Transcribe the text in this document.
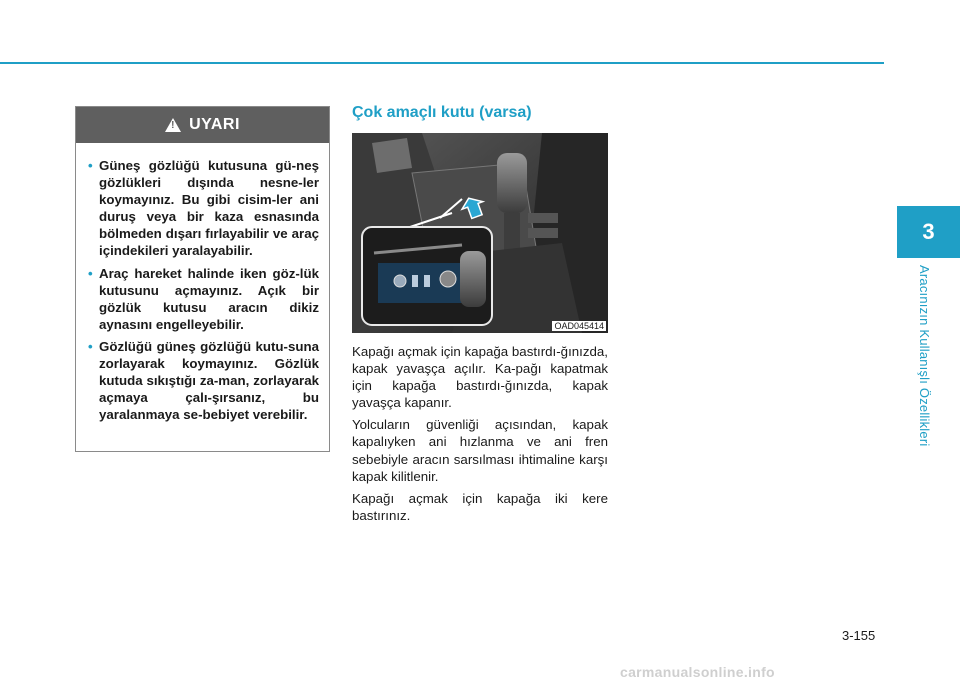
3
Aracınızın Kullanışlı Özellikleri
!
UYARI
• Güneş gözlüğü kutusuna gü-neş gözlükleri dışında nesne-ler koymayınız. Bu gibi cisim-ler ani duruş veya bir kaza esnasında bölmeden dışarı fırlayabilir ve araç içindekileri yaralayabilir.
• Araç hareket halinde iken göz-lük kutusunu açmayınız. Açık bir gözlük kutusu aracın dikiz aynasını engelleyebilir.
• Gözlüğü güneş gözlüğü kutu-suna zorlayarak koymayınız. Gözlük kutuda sıkıştığı za-man, zorlayarak açmaya çalı-şırsanız, bu yaralanmaya se-bebiyet verebilir.
Çok amaçlı kutu (varsa)
OAD045414

Kapağı açmak için kapağa bastırdı-ğınızda, kapak yavaşça açılır. Ka-pağı kapatmak için kapağa bastırdı-ğınızda, kapak yavaşça kapanır.

Yolcuların güvenliği açısından, kapak kapalıyken ani hızlanma ve ani fren sebebiyle aracın sarsılması ihtimaline karşı kapak kilitlenir.

Kapağı açmak için kapağa iki kere bastırınız.

3-155
carmanualsonline.info
